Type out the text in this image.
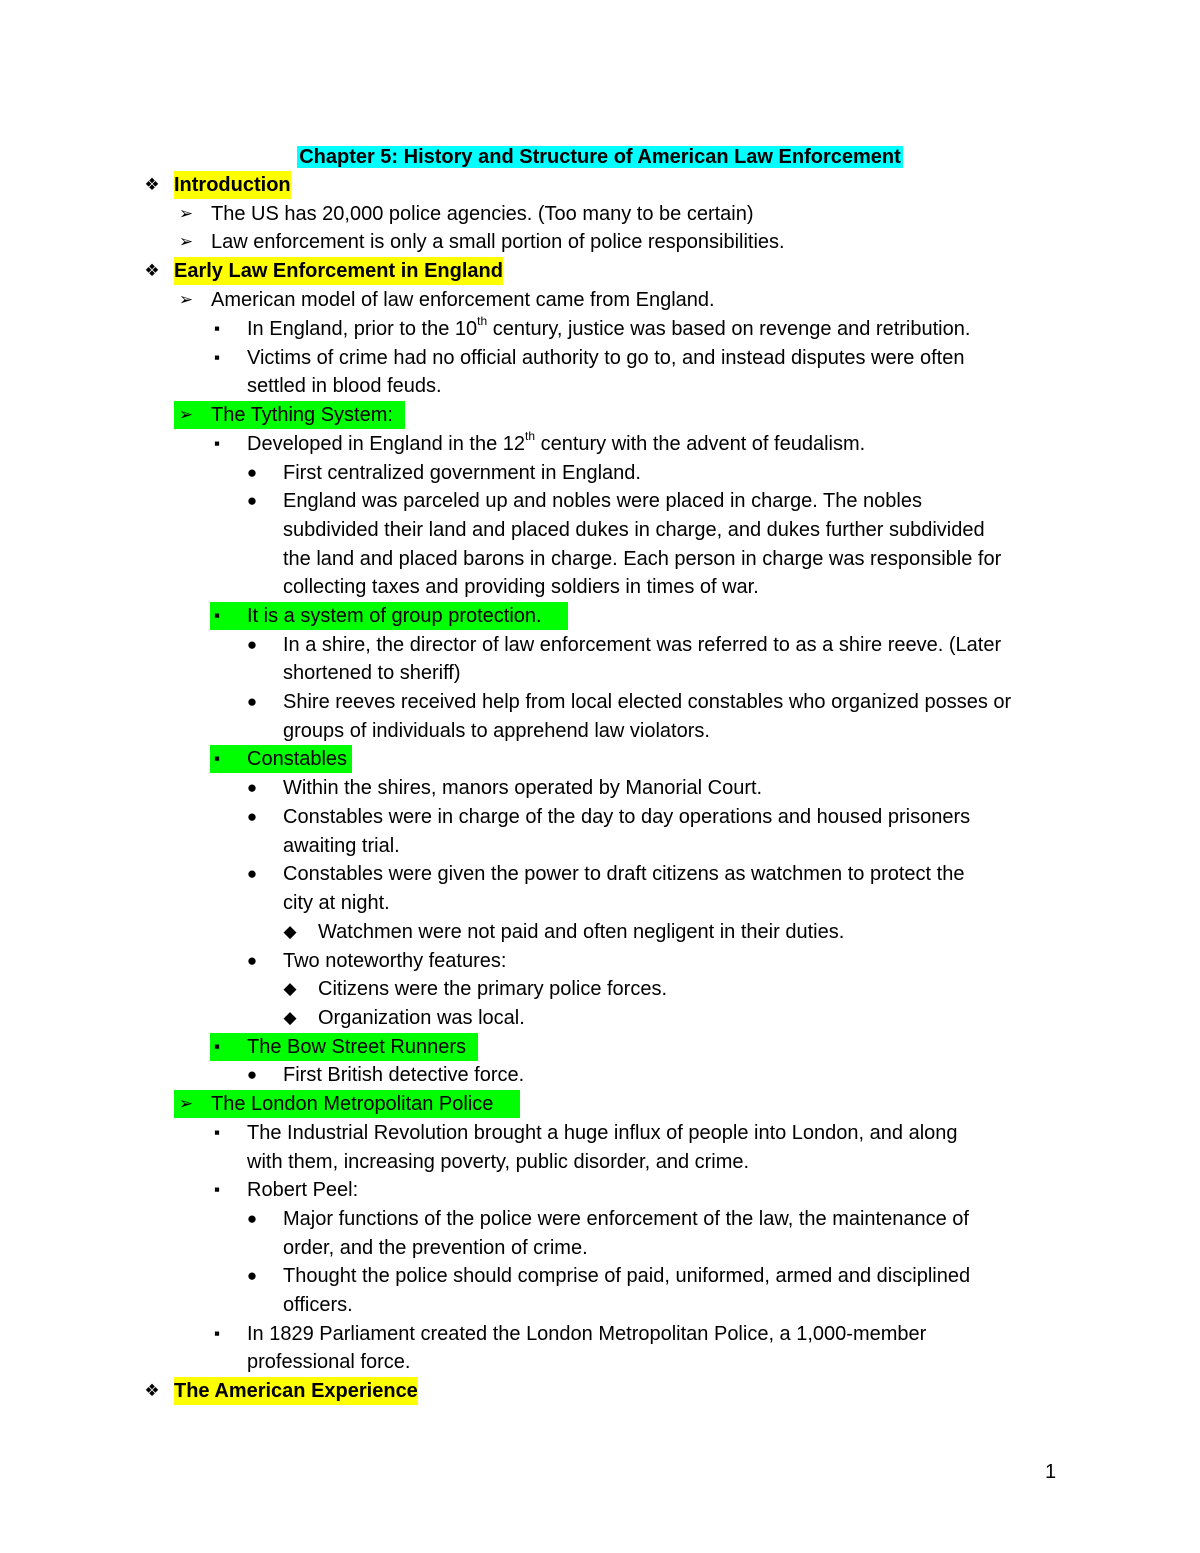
Chapter 5: History and Structure of American Law Enforcement
❖ Introduction
➢ The US has 20,000 police agencies. (Too many to be certain)
➢ Law enforcement is only a small portion of police responsibilities.
❖ Early Law Enforcement in England
➢ American model of law enforcement came from England.
▪ In England, prior to the 10th century, justice was based on revenge and retribution.
▪ Victims of crime had no official authority to go to, and instead disputes were often
settled in blood feuds.
➢ The Tything System:
▪ Developed in England in the 12th century with the advent of feudalism.
● First centralized government in England.
● England was parceled up and nobles were placed in charge. The nobles
subdivided their land and placed dukes in charge, and dukes further subdivided
the land and placed barons in charge. Each person in charge was responsible for
collecting taxes and providing soldiers in times of war.
▪ It is a system of group protection.
● In a shire, the director of law enforcement was referred to as a shire reeve. (Later
shortened to sheriff)
● Shire reeves received help from local elected constables who organized posses or
groups of individuals to apprehend law violators.
▪ Constables
● Within the shires, manors operated by Manorial Court.
● Constables were in charge of the day to day operations and housed prisoners
awaiting trial.
● Constables were given the power to draft citizens as watchmen to protect the
city at night.
◆ Watchmen were not paid and often negligent in their duties.
● Two noteworthy features:
◆ Citizens were the primary police forces.
◆ Organization was local.
▪ The Bow Street Runners
● First British detective force.
➢ The London Metropolitan Police
▪ The Industrial Revolution brought a huge influx of people into London, and along
with them, increasing poverty, public disorder, and crime.
▪ Robert Peel:
● Major functions of the police were enforcement of the law, the maintenance of
order, and the prevention of crime.
● Thought the police should comprise of paid, uniformed, armed and disciplined
officers.
▪ In 1829 Parliament created the London Metropolitan Police, a 1,000-member
professional force.
❖ The American Experience
1
